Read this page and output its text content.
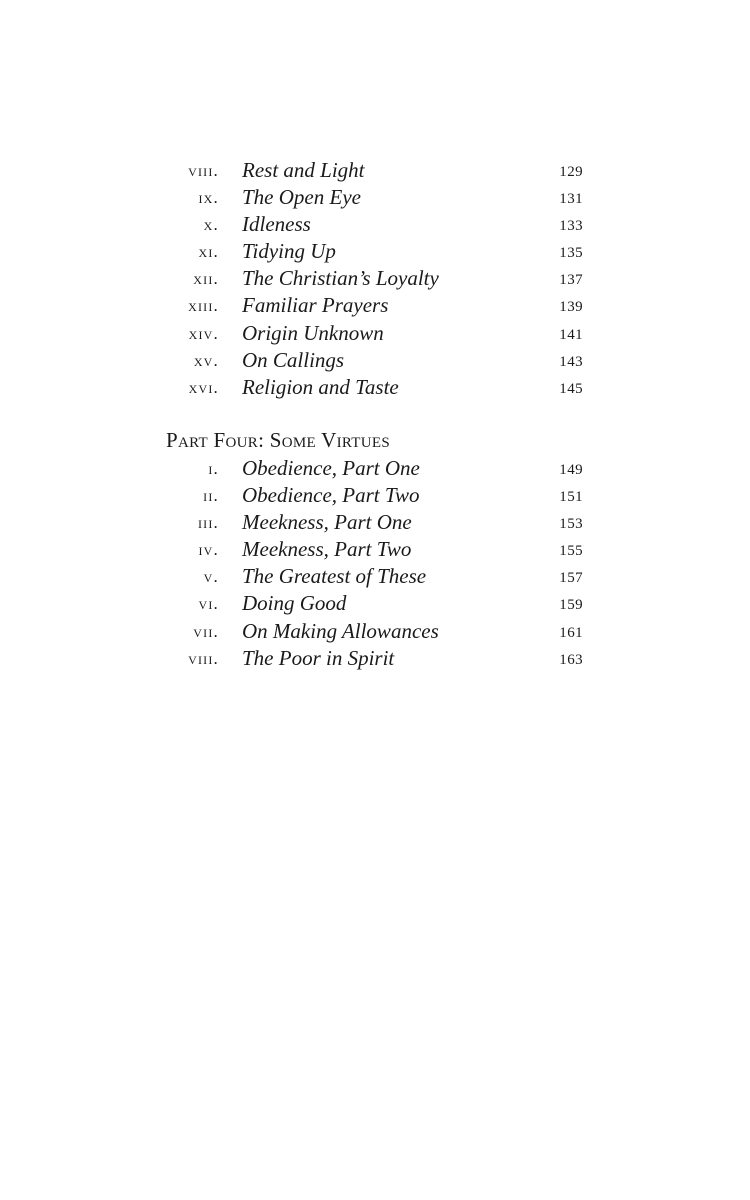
viii. Rest and Light	129
ix. The Open Eye	131
x. Idleness	133
xi. Tidying Up	135
xii. The Christian’s Loyalty	137
xiii. Familiar Prayers	139
xiv. Origin Unknown	141
xv. On Callings	143
xvi. Religion and Taste	145
Part Four: Some Virtues
i. Obedience, Part One	149
ii. Obedience, Part Two	151
iii. Meekness, Part One	153
iv. Meekness, Part Two	155
v. The Greatest of These	157
vi. Doing Good	159
vii. On Making Allowances	161
viii. The Poor in Spirit	163
